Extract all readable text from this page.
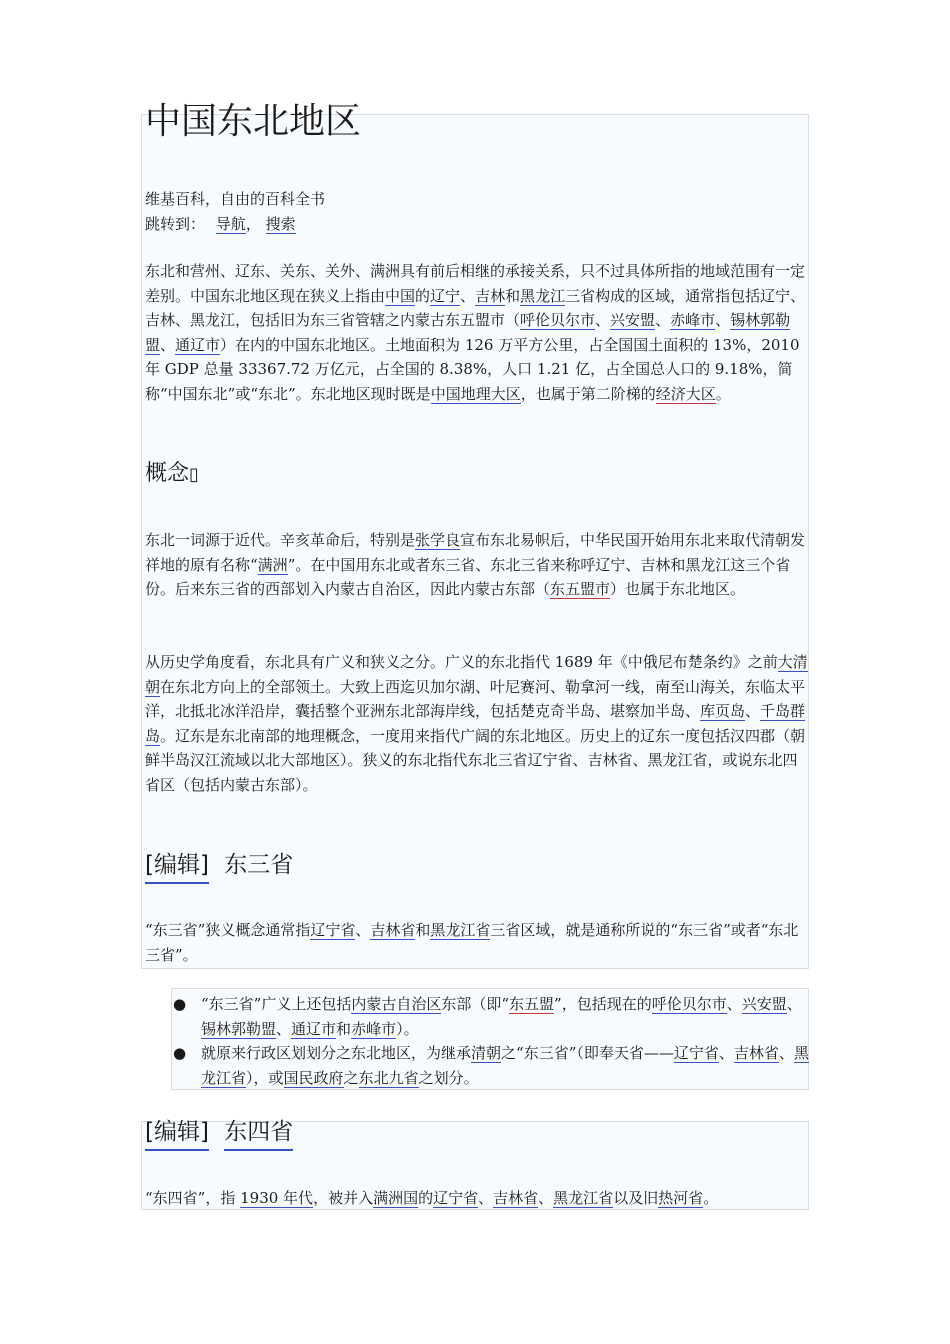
中国东北地区
维基百科，自由的百科全书
跳转到： 导航， 搜索
东北和营州、辽东、关东、关外、满洲具有前后相继的承接关系，只不过具体所指的地域范围有一定差别。中国东北地区现在狭义上指由中国的辽宁、吉林和黑龙江三省构成的区域，通常指包括辽宁、吉林、黑龙江，包括旧为东三省管辖之内蒙古东五盟市（呼伦贝尔市、兴安盟、赤峰市、锡林郭勒盟、通辽市）在内的中国东北地区。土地面积为 126 万平方公里，占全国国土面积的 13%，2010 年 GDP 总量 33367.72 万亿元，占全国的 8.38%，人口 1.21 亿，占全国总人口的 9.18%，简称“中国东北”或“东北”。东北地区现时既是中国地理大区，也属于第二阶梯的经济大区。
概念▯
东北一词源于近代。辛亥革命后，特别是张学良宣布东北易帜后，中华民国开始用东北来取代清朝发祥地的原有名称“满洲”。在中国用东北或者东三省、东北三省来称呼辽宁、吉林和黑龙江这三个省份。后来东三省的西部划入内蒙古自治区，因此内蒙古东部（东五盟市）也属于东北地区。
从历史学角度看，东北具有广义和狭义之分。广义的东北指代 1689 年《中俄尼布楚条约》之前大清朝在东北方向上的全部领土。大致上西迄贝加尔湖、叶尼赛河、勒拿河一线，南至山海关，东临太平洋，北抵北冰洋沿岸，囊括整个亚洲东北部海岸线，包括楚克奇半岛、堪察加半岛、库页岛、千岛群岛。辽东是东北南部的地理概念，一度用来指代广阔的东北地区。历史上的辽东一度包括汉四郡（朝鲜半岛汉江流域以北大部地区）。狭义的东北指代东北三省辽宁省、吉林省、黑龙江省，或说东北四省区（包括内蒙古东部）。
[编辑] 东三省
“东三省”狭义概念通常指辽宁省、吉林省和黑龙江省三省区域，就是通称所说的“东三省”或者“东北三省”。
● “东三省”广义上还包括内蒙古自治区东部（即“东五盟”，包括现在的呼伦贝尔市、兴安盟、锡林郭勒盟、通辽市和赤峰市）。
● 就原来行政区划划分之东北地区，为继承清朝之“东三省”（即奉天省——辽宁省、吉林省、黑龙江省），或国民政府之东北九省之划分。
[编辑] 东四省
“东四省”，指 1930 年代，被并入满洲国的辽宁省、吉林省、黑龙江省以及旧热河省。
